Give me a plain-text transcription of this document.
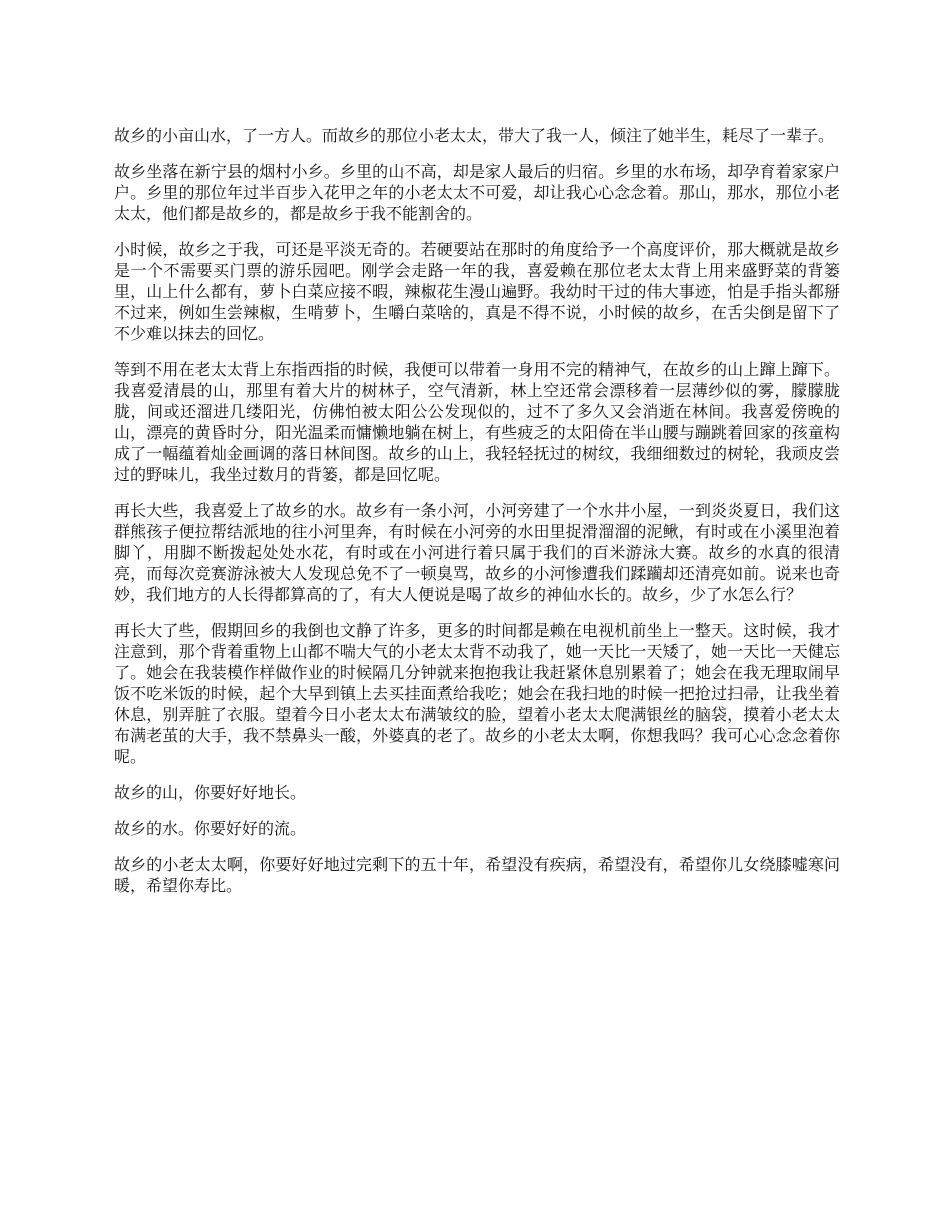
故乡的小亩山水，了一方人。而故乡的那位小老太太，带大了我一人，倾注了她半生，耗尽了一辈子。

故乡坐落在新宁县的烟村小乡。乡里的山不高，却是家人最后的归宿。乡里的水布场，却孕育着家家户户。乡里的那位年过半百步入花甲之年的小老太太不可爱，却让我心心念念着。那山，那水，那位小老太太，他们都是故乡的，都是故乡于我不能割舍的。

小时候，故乡之于我，可还是平淡无奇的。若硬要站在那时的角度给予一个高度评价，那大概就是故乡是一个不需要买门票的游乐园吧。刚学会走路一年的我，喜爱赖在那位老太太背上用来盛野菜的背篓里，山上什么都有，萝卜白菜应接不暇，辣椒花生漫山遍野。我幼时干过的伟大事迹，怕是手指头都掰不过来，例如生尝辣椒，生啃萝卜，生嚼白菜啥的，真是不得不说，小时候的故乡，在舌尖倒是留下了不少难以抹去的回忆。

等到不用在老太太背上东指西指的时候，我便可以带着一身用不完的精神气，在故乡的山上蹿上蹿下。我喜爱清晨的山，那里有着大片的树林子，空气清新，林上空还常会漂移着一层薄纱似的雾，朦朦胧胧，间或还溜进几缕阳光，仿佛怕被太阳公公发现似的，过不了多久又会消逝在林间。我喜爱傍晚的山，漂亮的黄昏时分，阳光温柔而慵懒地躺在树上，有些疲乏的太阳倚在半山腰与蹦跳着回家的孩童构成了一幅蕴着灿金画调的落日林间图。故乡的山上，我轻轻抚过的树纹，我细细数过的树轮，我顽皮尝过的野味儿，我坐过数月的背篓，都是回忆呢。

再长大些，我喜爱上了故乡的水。故乡有一条小河，小河旁建了一个水井小屋，一到炎炎夏日，我们这群熊孩子便拉帮结派地的往小河里奔，有时候在小河旁的水田里捉滑溜溜的泥鳅，有时或在小溪里泡着脚丫，用脚不断拨起处处水花，有时或在小河进行着只属于我们的百米游泳大赛。故乡的水真的很清亮，而每次竞赛游泳被大人发现总免不了一顿臭骂，故乡的小河惨遭我们蹂躏却还清亮如前。说来也奇妙，我们地方的人长得都算高的了，有大人便说是喝了故乡的神仙水长的。故乡，少了水怎么行？

再长大了些，假期回乡的我倒也文静了许多，更多的时间都是赖在电视机前坐上一整天。这时候，我才注意到，那个背着重物上山都不喘大气的小老太太背不动我了，她一天比一天矮了，她一天比一天健忘了。她会在我装模作样做作业的时候隔几分钟就来抱抱我让我赶紧休息别累着了；她会在我无理取闹早饭不吃米饭的时候，起个大早到镇上去买挂面煮给我吃；她会在我扫地的时候一把抢过扫帚，让我坐着休息，别弄脏了衣服。望着今日小老太太布满皱纹的脸，望着小老太太爬满银丝的脑袋，摸着小老太太布满老茧的大手，我不禁鼻头一酸，外婆真的老了。故乡的小老太太啊，你想我吗？我可心心念念着你呢。

故乡的山，你要好好地长。

故乡的水。你要好好的流。

故乡的小老太太啊，你要好好地过完剩下的五十年，希望没有疾病，希望没有，希望你儿女绕膝嘘寒问暖，希望你寿比。
